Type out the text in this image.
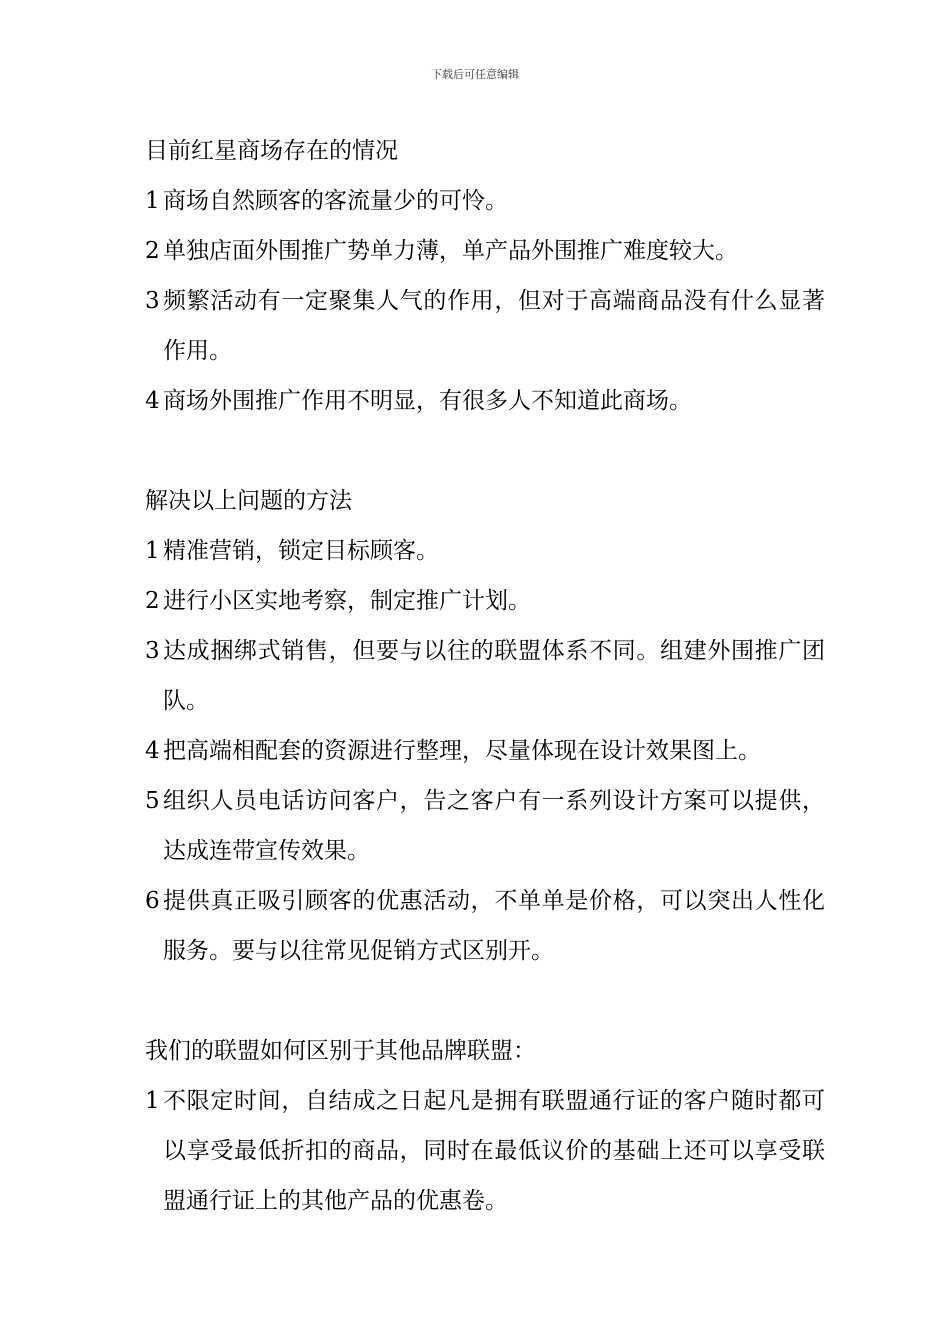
下载后可任意编辑
目前红星商场存在的情况
1 商场自然顾客的客流量少的可怜。
2 单独店面外围推广势单力薄，单产品外围推广难度较大。
3 频繁活动有一定聚集人气的作用，但对于高端商品没有什么显著作用。
4 商场外围推广作用不明显，有很多人不知道此商场。
解决以上问题的方法
1 精准营销，锁定目标顾客。
2 进行小区实地考察，制定推广计划。
3 达成捆绑式销售，但要与以往的联盟体系不同。组建外围推广团队。
4 把高端相配套的资源进行整理，尽量体现在设计效果图上。
5 组织人员电话访问客户，告之客户有一系列设计方案可以提供，达成连带宣传效果。
6 提供真正吸引顾客的优惠活动，不单单是价格，可以突出人性化服务。要与以往常见促销方式区别开。
我们的联盟如何区别于其他品牌联盟：
1 不限定时间，自结成之日起凡是拥有联盟通行证的客户随时都可以享受最低折扣的商品，同时在最低议价的基础上还可以享受联盟通行证上的其他产品的优惠卷。
